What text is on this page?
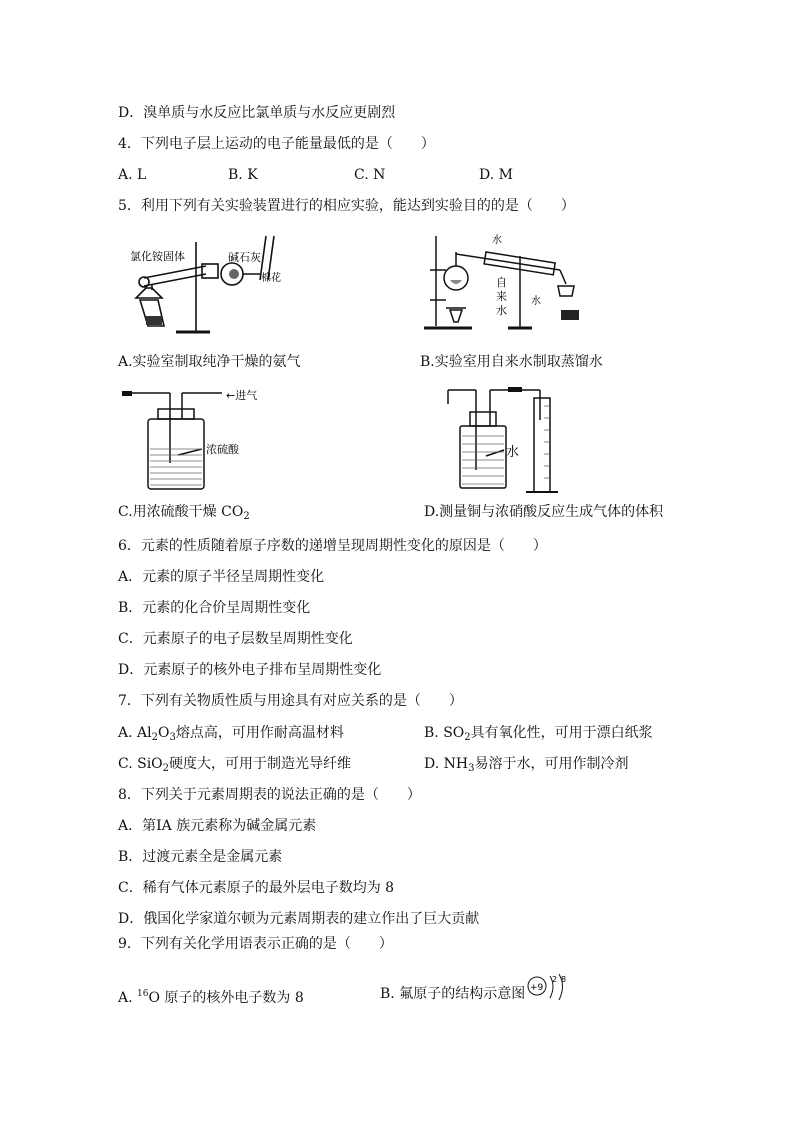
D．溴单质与水反应比氯单质与水反应更剧烈
4．下列电子层上运动的电子能量最低的是（　　）
A. L	B. K	C. N	D. M
5．利用下列有关实验装置进行的相应实验，能达到实验目的的是（　　）
氯化铵固体	碱石灰
棉花
水
水
自
来
水
A.实验室制取纯净干燥的氨气	B.实验室用自来水制取蒸馏水
←进气
浓硫酸	水
C.用浓硫酸干燥 $CO_2$	D.测量铜与浓硝酸反应生成气体的体积
6．元素的性质随着原子序数的递增呈现周期性变化的原因是（　　）
A．元素的原子半径呈周期性变化
B．元素的化合价呈周期性变化
C．元素原子的电子层数呈周期性变化
D．元素原子的核外电子排布呈周期性变化
7．下列有关物质性质与用途具有对应关系的是（　　）
A. $Al_2O_3$熔点高，可用作耐高温材料	B. $SO_2$具有氧化性，可用于漂白纸浆
C. SiO$_2$硬度大，可用于制造光导纤维	D. $NH_3$易溶于水，可用作制冷剂
8．下列关于元素周期表的说法正确的是（　　）
A．第ⅠA 族元素称为碱金属元素
B．过渡元素全是金属元素
C．稀有气体元素原子的最外层电子数均为 8
D．俄国化学家道尔顿为元素周期表的建立作出了巨大贡献
9．下列有关化学用语表示正确的是（　　）
A. $^{16}$O 原子的核外电子数为 8	B. 氟原子的结构示意图 +9
2 8
